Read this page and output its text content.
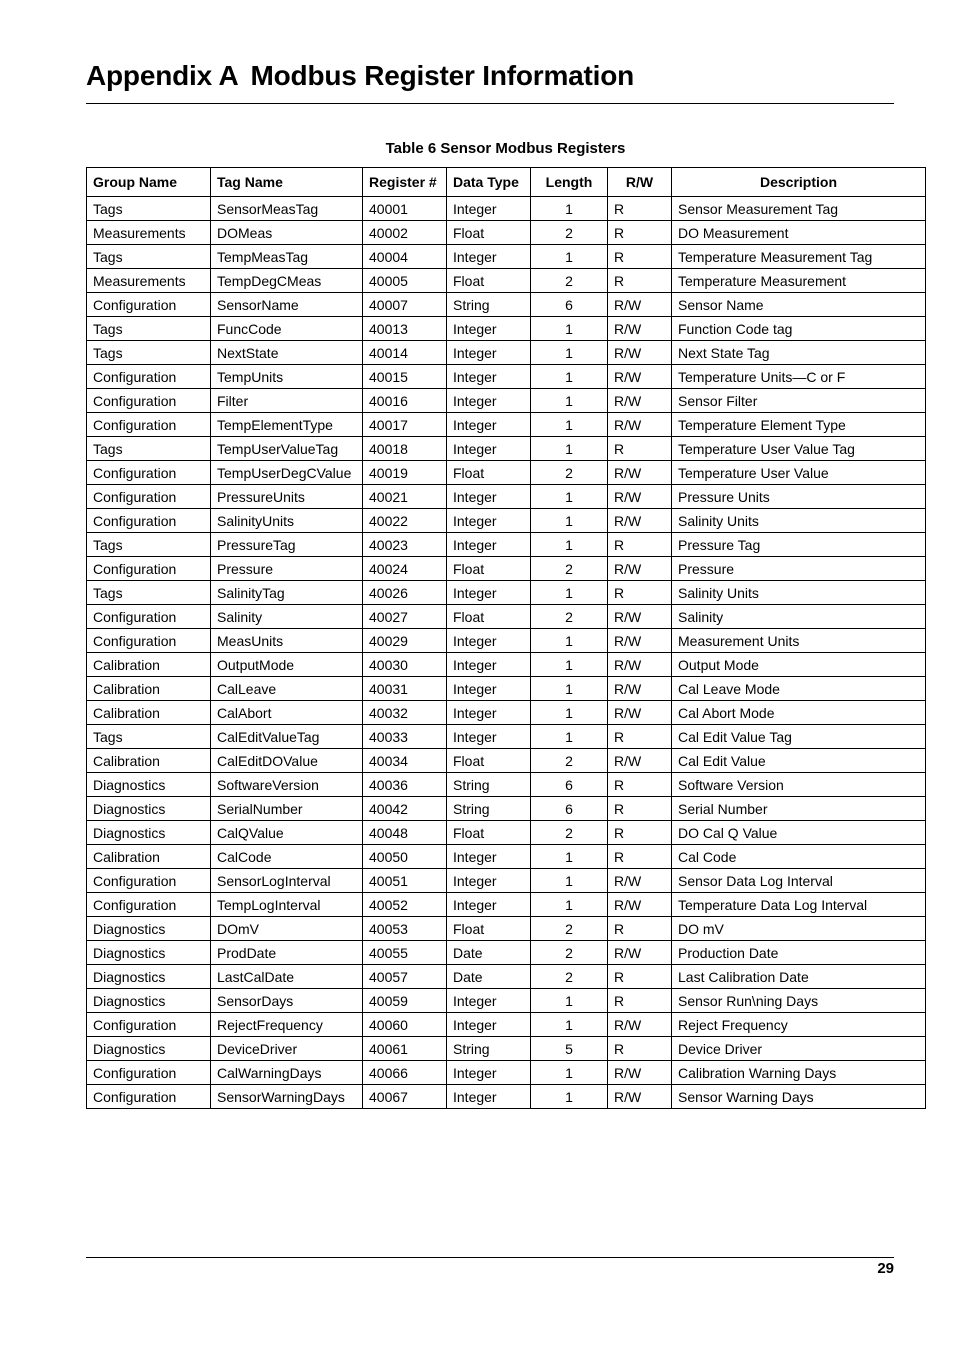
Appendix A Modbus Register Information
Table 6 Sensor Modbus Registers
Group Name	Tag Name	Register #	Data Type	Length	R/W	Description
Tags	SensorMeasTag	40001	Integer	1	R	Sensor Measurement Tag
Measurements	DOMeas	40002	Float	2	R	DO Measurement
Tags	TempMeasTag	40004	Integer	1	R	Temperature Measurement Tag
Measurements	TempDegCMeas	40005	Float	2	R	Temperature Measurement
Configuration	SensorName	40007	String	6	R/W	Sensor Name
Tags	FuncCode	40013	Integer	1	R/W	Function Code tag
Tags	NextState	40014	Integer	1	R/W	Next State Tag
Configuration	TempUnits	40015	Integer	1	R/W	Temperature Units—C or F
Configuration	Filter	40016	Integer	1	R/W	Sensor Filter
Configuration	TempElementType	40017	Integer	1	R/W	Temperature Element Type
Tags	TempUserValueTag	40018	Integer	1	R	Temperature User Value Tag
Configuration	TempUserDegCValue	40019	Float	2	R/W	Temperature User Value
Configuration	PressureUnits	40021	Integer	1	R/W	Pressure Units
Configuration	SalinityUnits	40022	Integer	1	R/W	Salinity Units
Tags	PressureTag	40023	Integer	1	R	Pressure Tag
Configuration	Pressure	40024	Float	2	R/W	Pressure
Tags	SalinityTag	40026	Integer	1	R	Salinity Units
Configuration	Salinity	40027	Float	2	R/W	Salinity
Configuration	MeasUnits	40029	Integer	1	R/W	Measurement Units
Calibration	OutputMode	40030	Integer	1	R/W	Output Mode
Calibration	CalLeave	40031	Integer	1	R/W	Cal Leave Mode
Calibration	CalAbort	40032	Integer	1	R/W	Cal Abort Mode
Tags	CalEditValueTag	40033	Integer	1	R	Cal Edit Value Tag
Calibration	CalEditDOValue	40034	Float	2	R/W	Cal Edit Value
Diagnostics	SoftwareVersion	40036	String	6	R	Software Version
Diagnostics	SerialNumber	40042	String	6	R	Serial Number
Diagnostics	CalQValue	40048	Float	2	R	DO Cal Q Value
Calibration	CalCode	40050	Integer	1	R	Cal Code
Configuration	SensorLogInterval	40051	Integer	1	R/W	Sensor Data Log Interval
Configuration	TempLogInterval	40052	Integer	1	R/W	Temperature Data Log Interval
Diagnostics	DOmV	40053	Float	2	R	DO mV
Diagnostics	ProdDate	40055	Date	2	R/W	Production Date
Diagnostics	LastCalDate	40057	Date	2	R	Last Calibration Date
Diagnostics	SensorDays	40059	Integer	1	R	Sensor Run\ning Days
Configuration	RejectFrequency	40060	Integer	1	R/W	Reject Frequency
Diagnostics	DeviceDriver	40061	String	5	R	Device Driver
Configuration	CalWarningDays	40066	Integer	1	R/W	Calibration Warning Days
Configuration	SensorWarningDays	40067	Integer	1	R/W	Sensor Warning Days
29
